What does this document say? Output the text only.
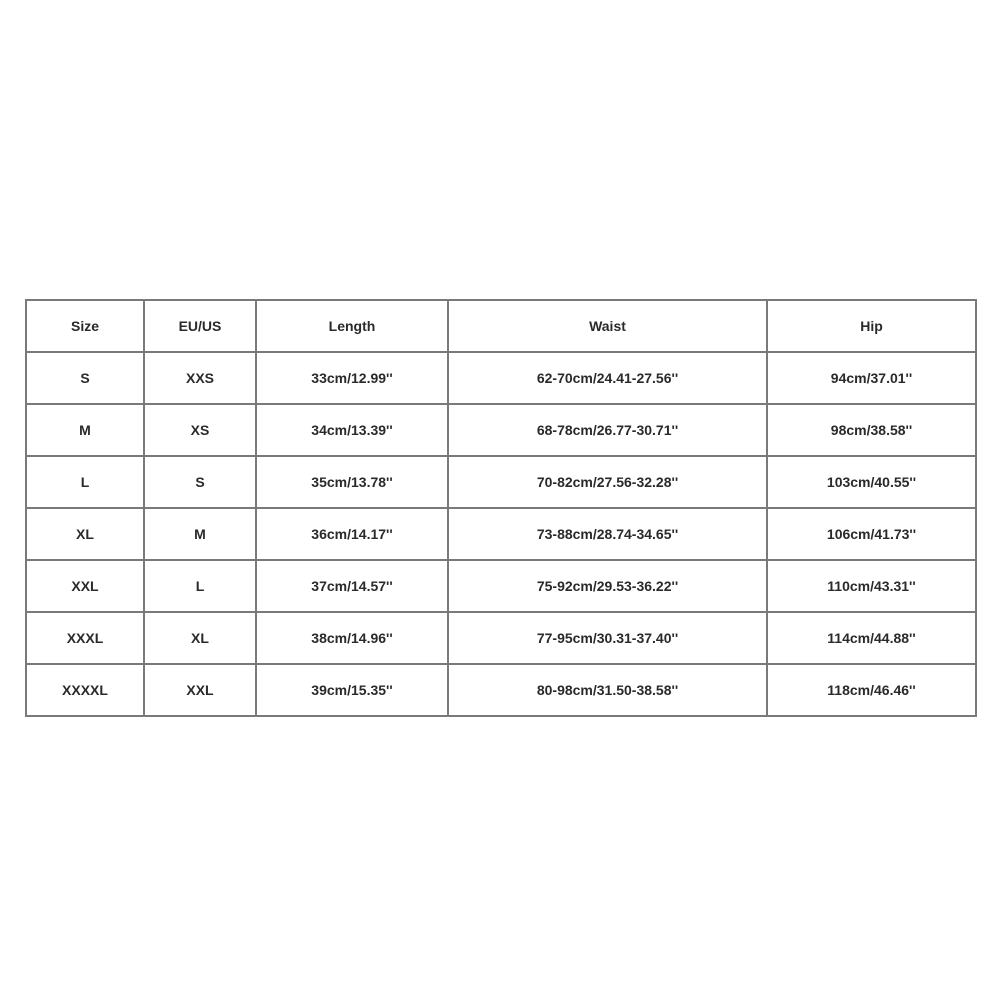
Size	EU/US	Length	Waist	Hip
S	XXS	33cm/12.99''	62-70cm/24.41-27.56''	94cm/37.01''
M	XS	34cm/13.39''	68-78cm/26.77-30.71''	98cm/38.58''
L	S	35cm/13.78''	70-82cm/27.56-32.28''	103cm/40.55''
XL	M	36cm/14.17''	73-88cm/28.74-34.65''	106cm/41.73''
XXL	L	37cm/14.57''	75-92cm/29.53-36.22''	110cm/43.31''
XXXL	XL	38cm/14.96''	77-95cm/30.31-37.40''	114cm/44.88''
XXXXL	XXL	39cm/15.35''	80-98cm/31.50-38.58''	118cm/46.46''
